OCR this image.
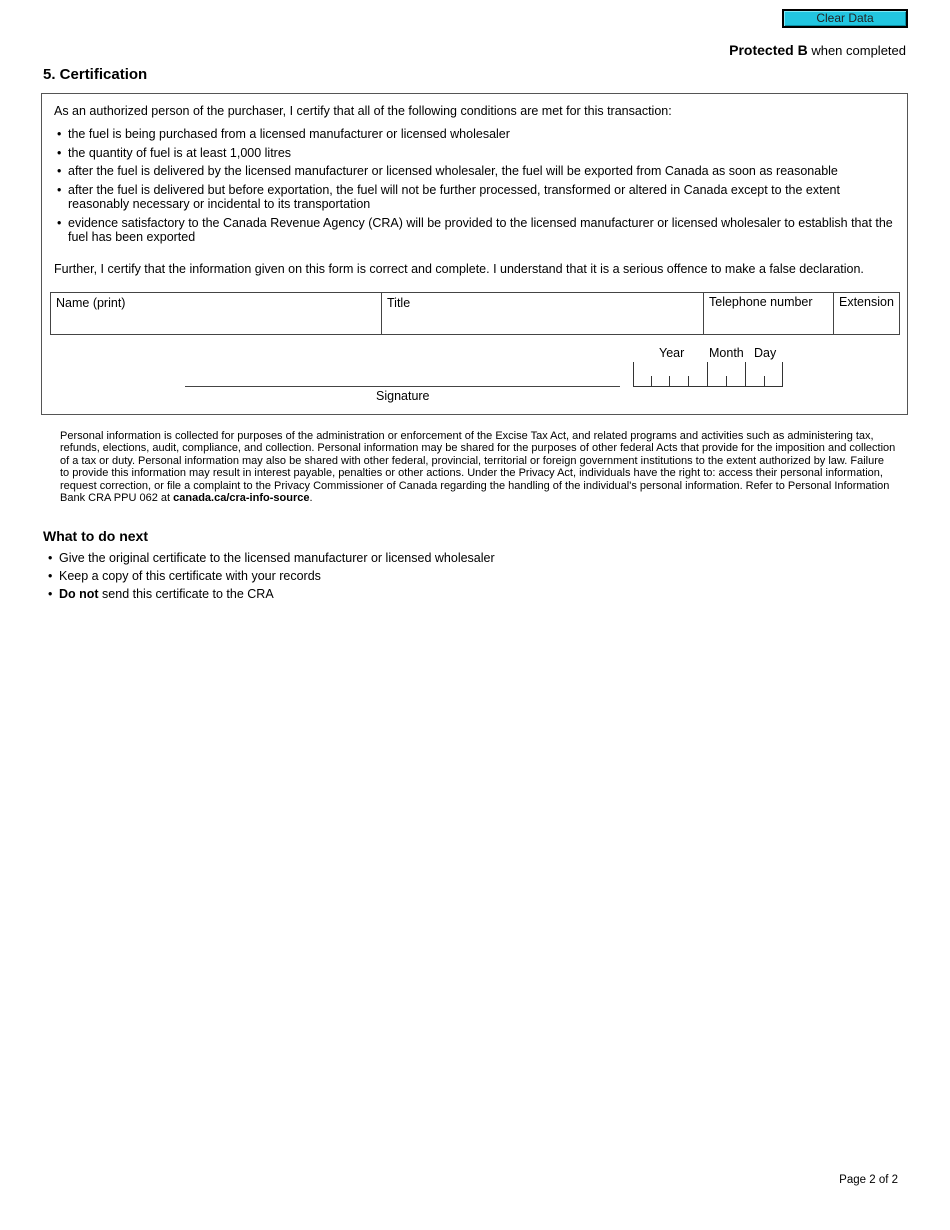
Clear Data
Protected B when completed
5. Certification
As an authorized person of the purchaser, I certify that all of the following conditions are met for this transaction:
• the fuel is being purchased from a licensed manufacturer or licensed wholesaler
• the quantity of fuel is at least 1,000 litres
• after the fuel is delivered by the licensed manufacturer or licensed wholesaler, the fuel will be exported from Canada as soon as reasonable
• after the fuel is delivered but before exportation, the fuel will not be further processed, transformed or altered in Canada except to the extent reasonably necessary or incidental to its transportation
• evidence satisfactory to the Canada Revenue Agency (CRA) will be provided to the licensed manufacturer or licensed wholesaler to establish that the fuel has been exported
Further, I certify that the information given on this form is correct and complete. I understand that it is a serious offence to make a false declaration.
Name (print)	Title	Telephone number	Extension
Signature
Year Month Day
Personal information is collected for purposes of the administration or enforcement of the Excise Tax Act, and related programs and activities such as administering tax, refunds, elections, audit, compliance, and collection. Personal information may be shared for the purposes of other federal Acts that provide for the imposition and collection of a tax or duty. Personal information may also be shared with other federal, provincial, territorial or foreign government institutions to the extent authorized by law. Failure to provide this information may result in interest payable, penalties or other actions. Under the Privacy Act, individuals have the right to: access their personal information, request correction, or file a complaint to the Privacy Commissioner of Canada regarding the handling of the individual's personal information. Refer to Personal Information Bank CRA PPU 062 at canada.ca/cra-info-source.
What to do next
• Give the original certificate to the licensed manufacturer or licensed wholesaler
• Keep a copy of this certificate with your records
• Do not send this certificate to the CRA
Page 2 of 2
